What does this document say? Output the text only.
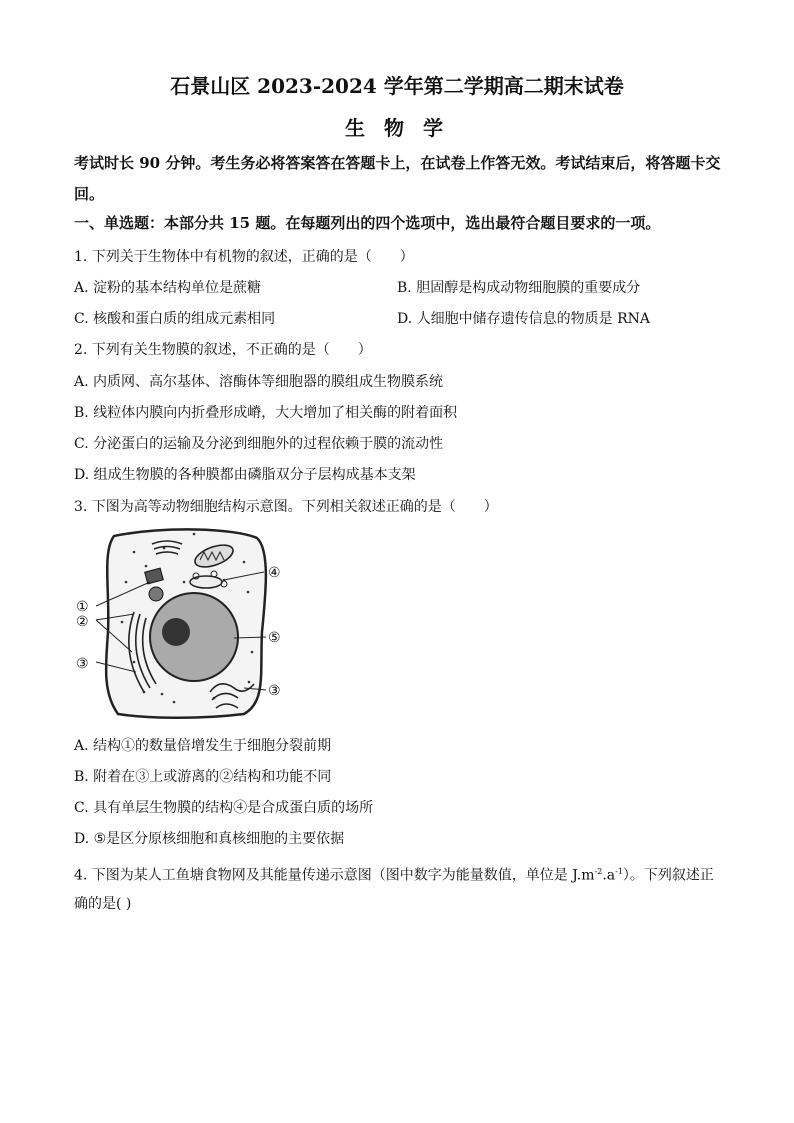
石景山区 2023-2024 学年第二学期高二期末试卷
生 物 学
考试时长 90 分钟。考生务必将答案答在答题卡上，在试卷上作答无效。考试结束后，将答题卡交回。
一、单选题：本部分共 15 题。在每题列出的四个选项中，选出最符合题目要求的一项。
1. 下列关于生物体中有机物的叙述，正确的是（　　）
A. 淀粉的基本结构单位是蔗糖	B. 胆固醇是构成动物细胞膜的重要成分
C. 核酸和蛋白质的组成元素相同	D. 人细胞中储存遗传信息的物质是 RNA
2. 下列有关生物膜的叙述，不正确的是（　　）
A. 内质网、高尔基体、溶酶体等细胞器的膜组成生物膜系统
B. 线粒体内膜向内折叠形成嵴，大大增加了相关酶的附着面积
C. 分泌蛋白的运输及分泌到细胞外的过程依赖于膜的流动性
D. 组成生物膜的各种膜都由磷脂双分子层构成基本支架
3. 下图为高等动物细胞结构示意图。下列相关叙述正确的是（　　）
④
①
②
⑤
③
③
A. 结构①的数量倍增发生于细胞分裂前期
B. 附着在③上或游离的②结构和功能不同
C. 具有单层生物膜的结构④是合成蛋白质的场所
D. ⑤是区分原核细胞和真核细胞的主要依据
4. 下图为某人工鱼塘食物网及其能量传递示意图（图中数字为能量数值，单位是 $J.m^{-2}.a^{-1}$）。下列叙述正确的是( )
